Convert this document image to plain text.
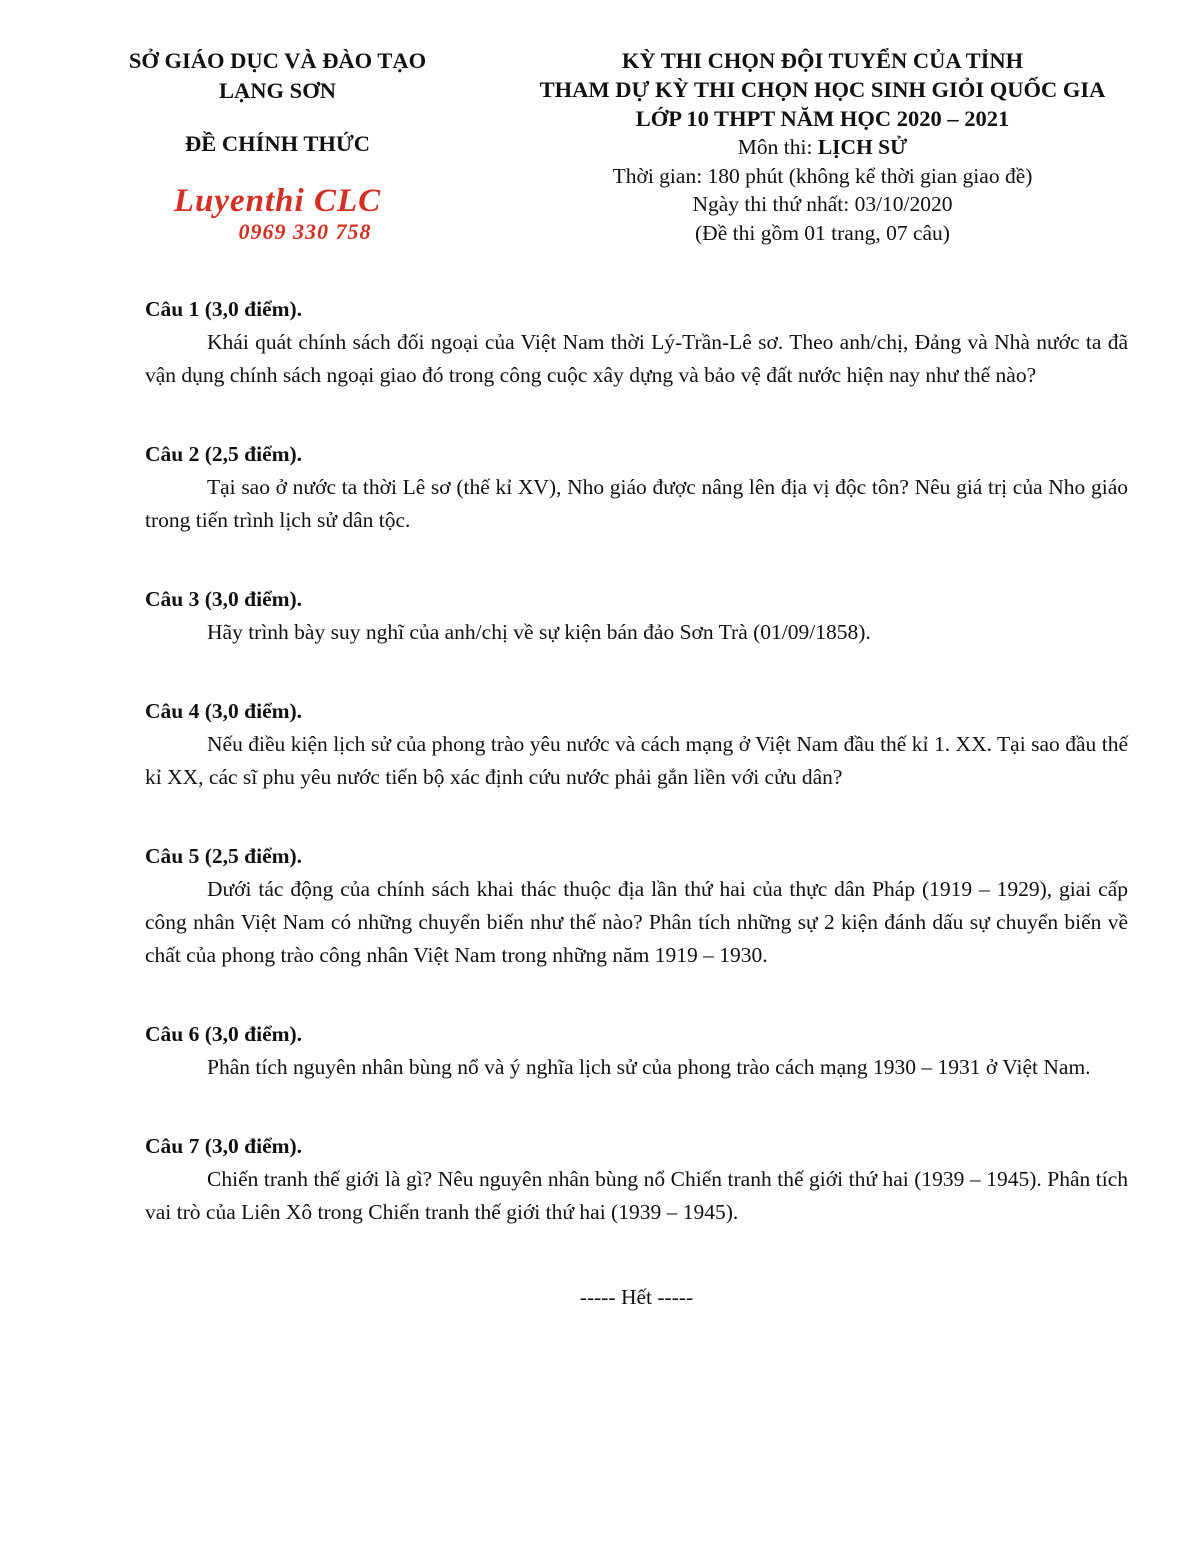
SỞ GIÁO DỤC VÀ ĐÀO TẠO
LẠNG SƠN
ĐỀ CHÍNH THỨC
Luyenthi CLC
0969 330 758
KỲ THI CHỌN ĐỘI TUYỂN CỦA TỈNH
THAM DỰ KỲ THI CHỌN HỌC SINH GIỎI QUỐC GIA
LỚP 10 THPT NĂM HỌC 2020 – 2021
Môn thi: LỊCH SỬ
Thời gian: 180 phút (không kể thời gian giao đề)
Ngày thi thứ nhất: 03/10/2020
(Đề thi gồm 01 trang, 07 câu)
Câu 1 (3,0 điểm).

Khái quát chính sách đối ngoại của Việt Nam thời Lý-Trần-Lê sơ. Theo anh/chị, Đảng và Nhà nước ta đã vận dụng chính sách ngoại giao đó trong công cuộc xây dựng và bảo vệ đất nước hiện nay như thế nào?

Câu 2 (2,5 điểm).

Tại sao ở nước ta thời Lê sơ (thế kỉ XV), Nho giáo được nâng lên địa vị độc tôn? Nêu giá trị của Nho giáo trong tiến trình lịch sử dân tộc.

Câu 3 (3,0 điểm).

Hãy trình bày suy nghĩ của anh/chị về sự kiện bán đảo Sơn Trà (01/09/1858).

Câu 4 (3,0 điểm).

Nếu điều kiện lịch sử của phong trào yêu nước và cách mạng ở Việt Nam đầu thế kỉ 1. XX. Tại sao đầu thế kỉ XX, các sĩ phu yêu nước tiến bộ xác định cứu nước phải gắn liền với cửu dân?

Câu 5 (2,5 điểm).

Dưới tác động của chính sách khai thác thuộc địa lần thứ hai của thực dân Pháp (1919 – 1929), giai cấp công nhân Việt Nam có những chuyển biến như thế nào? Phân tích những sự 2 kiện đánh dấu sự chuyển biến về chất của phong trào công nhân Việt Nam trong những năm 1919 – 1930.

Câu 6 (3,0 điểm).

Phân tích nguyên nhân bùng nổ và ý nghĩa lịch sử của phong trào cách mạng 1930 – 1931 ở Việt Nam.

Câu 7 (3,0 điểm).

Chiến tranh thế giới là gì? Nêu nguyên nhân bùng nổ Chiến tranh thế giới thứ hai (1939 – 1945). Phân tích vai trò của Liên Xô trong Chiến tranh thế giới thứ hai (1939 – 1945).

----- Hết -----
